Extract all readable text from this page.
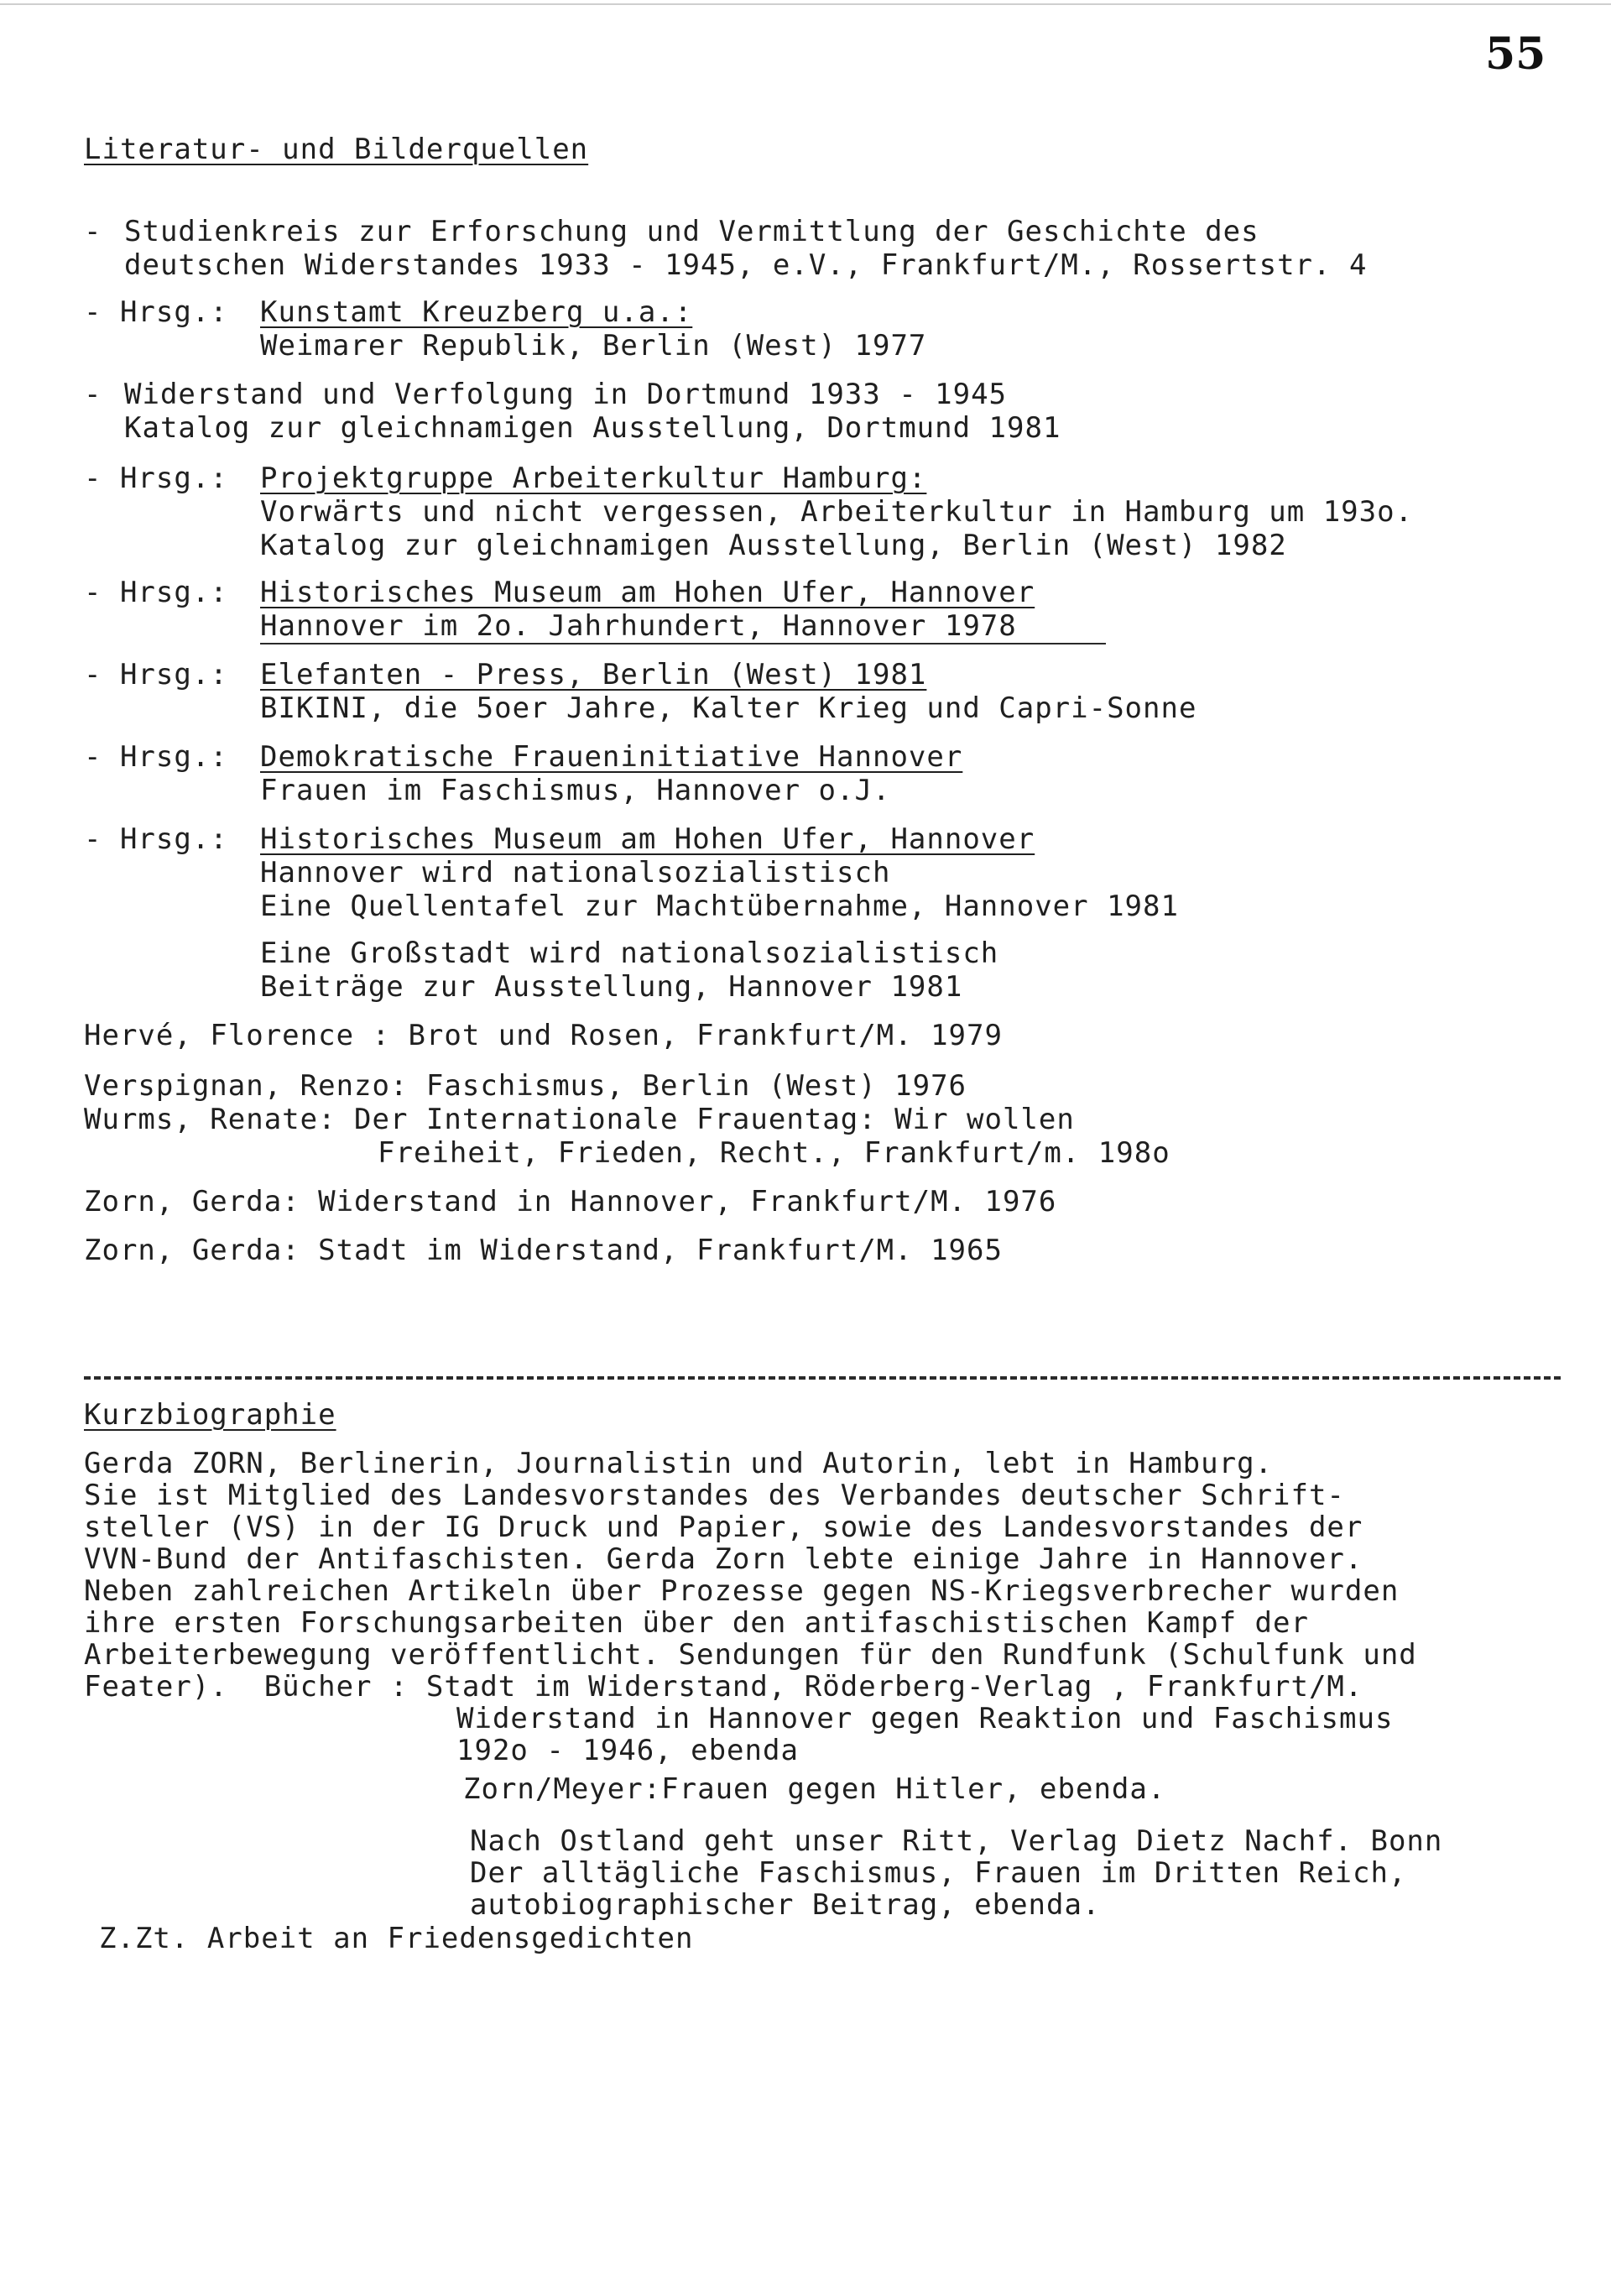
55
Literatur- und Bilderquellen
- Studienkreis zur Erforschung und Vermittlung der Geschichte des
deutschen Widerstandes 1933 - 1945, e.V., Frankfurt/M., Rossertstr. 4
- Hrsg.: Kunstamt Kreuzberg u.a.:
Weimarer Republik, Berlin (West) 1977
- Widerstand und Verfolgung in Dortmund 1933 - 1945
Katalog zur gleichnamigen Ausstellung, Dortmund 1981
- Hrsg.: Projektgruppe Arbeiterkultur Hamburg:
Vorwärts und nicht vergessen, Arbeiterkultur in Hamburg um 193o.
Katalog zur gleichnamigen Ausstellung, Berlin (West) 1982
- Hrsg.: Historisches Museum am Hohen Ufer, Hannover
Hannover im 2o. Jahrhundert, Hannover 1978
- Hrsg.: Elefanten - Press, Berlin (West) 1981
BIKINI, die 5oer Jahre, Kalter Krieg und Capri-Sonne
- Hrsg.: Demokratische Fraueninitiative Hannover
Frauen im Faschismus, Hannover o.J.
- Hrsg.: Historisches Museum am Hohen Ufer, Hannover
Hannover wird nationalsozialistisch
Eine Quellentafel zur Machtübernahme, Hannover 1981
Eine Großstadt wird nationalsozialistisch
Beiträge zur Ausstellung, Hannover 1981
Hervé, Florence : Brot und Rosen, Frankfurt/M. 1979
Verspignan, Renzo: Faschismus, Berlin (West) 1976
Wurms, Renate: Der Internationale Frauentag: Wir wollen
Freiheit, Frieden, Recht., Frankfurt/m. 198o
Zorn, Gerda: Widerstand in Hannover, Frankfurt/M. 1976
Zorn, Gerda: Stadt im Widerstand, Frankfurt/M. 1965
Kurzbiographie
Gerda ZORN, Berlinerin, Journalistin und Autorin, lebt in Hamburg.
Sie ist Mitglied des Landesvorstandes des Verbandes deutscher Schrift-
steller (VS) in der IG Druck und Papier, sowie des Landesvorstandes der
VVN-Bund der Antifaschisten. Gerda Zorn lebte einige Jahre in Hannover.
Neben zahlreichen Artikeln über Prozesse gegen NS-Kriegsverbrecher wurden
ihre ersten Forschungsarbeiten über den antifaschistischen Kampf der
Arbeiterbewegung veröffentlicht. Sendungen für den Rundfunk (Schulfunk und
Feater).  Bücher : Stadt im Widerstand, Röderberg-Verlag , Frankfurt/M.
Widerstand in Hannover gegen Reaktion und Faschismus
192o - 1946, ebenda
Zorn/Meyer:Frauen gegen Hitler, ebenda.
Nach Ostland geht unser Ritt, Verlag Dietz Nachf. Bonn
Der alltägliche Faschismus, Frauen im Dritten Reich,
autobiographischer Beitrag, ebenda.
Z.Zt. Arbeit an Friedensgedichten
